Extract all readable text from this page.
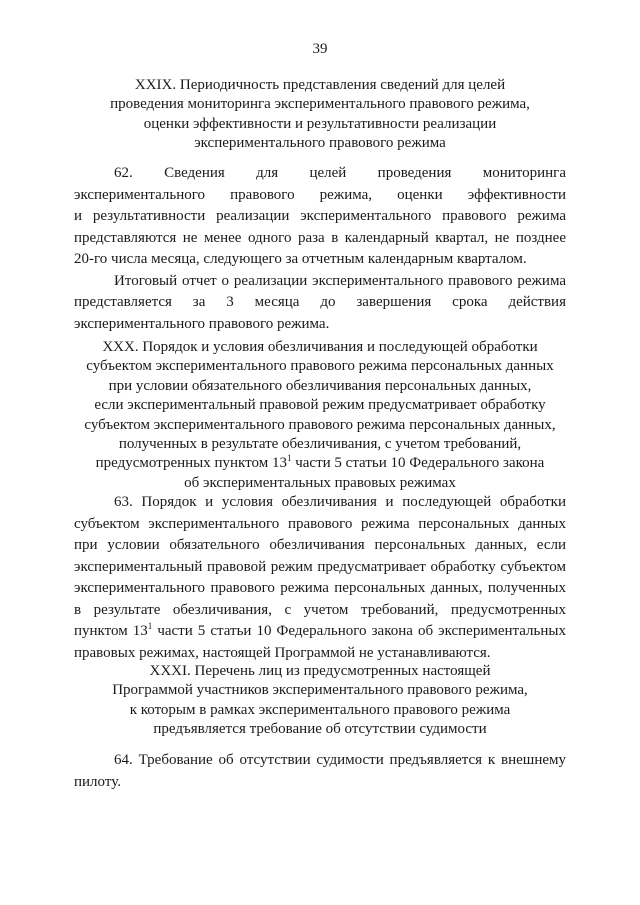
39
XXIX. Периодичность представления сведений для целей
проведения мониторинга экспериментального правового режима,
оценки эффективности и результативности реализации
экспериментального правового режима
62. Сведения для целей проведения мониторинга
экспериментального правового режима, оценки эффективности
и результативности реализации экспериментального правового режима
представляются не менее одного раза в календарный квартал, не позднее
20-го числа месяца, следующего за отчетным календарным кварталом.
Итоговый отчет о реализации экспериментального правового режима
представляется за 3 месяца до завершения срока действия
экспериментального правового режима.
XXX. Порядок и условия обезличивания и последующей обработки
субъектом экспериментального правового режима персональных данных
при условии обязательного обезличивания персональных данных,
если экспериментальный правовой режим предусматривает обработку
субъектом экспериментального правового режима персональных данных,
полученных в результате обезличивания, с учетом требований,
предусмотренных пунктом $13^1$ части 5 статьи 10 Федерального закона
об экспериментальных правовых режимах
63. Порядок и условия обезличивания и последующей обработки
субъектом экспериментального правового режима персональных данных
при условии обязательного обезличивания персональных данных, если
экспериментальный правовой режим предусматривает обработку субъектом
экспериментального правового режима персональных данных, полученных
в результате обезличивания, с учетом требований, предусмотренных
пунктом $13^1$ части 5 статьи 10 Федерального закона об экспериментальных
правовых режимах, настоящей Программой не устанавливаются.
XXXI. Перечень лиц из предусмотренных настоящей
Программой участников экспериментального правового режима,
к которым в рамках экспериментального правового режима
предъявляется требование об отсутствии судимости
64. Требование об отсутствии судимости предъявляется к внешнему
пилоту.
